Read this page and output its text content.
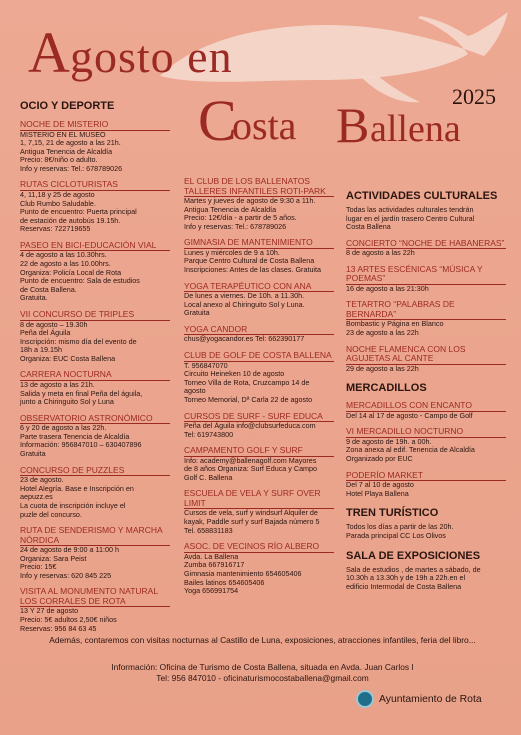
A gosto en
C
osta B allena
2025
OCIO Y DEPORTE
NOCHE DE MISTERIO
MISTERIO EN EL MUSEO
1, 7,15, 21 de agosto a las 21h.
Antigua Tenencia de Alcaldía
Precio: 8€/niño o adulto.
Info y reservas: Tel.: 678789026
RUTAS CICLOTURISTAS
4, 11,18 y 25 de agosto
Club Rumbo Saludable.
Punto de encuentro: Puerta principal
de estación de autobús 19.15h.
Reservas: 722719655
PASEO EN BICI-EDUCACIÓN VIAL
4 de agosto a las 10.30hrs.
22 de agosto a las 10.00hrs.
Organiza: Policía Local de Rota
Punto de encuentro: Sala de estudios
de Costa Ballena.
Gratuita.
VII CONCURSO DE TRIPLES
8 de agosto – 19.30h
Peña del Águila
Inscripción: mismo día del evento de
18h a 19.15h
Organiza: EUC Costa Ballena
CARRERA NOCTURNA
13 de agosto a las 21h.
Salida y meta en final Peña del águila,
junto a Chiringuito Sol y Luna
OBSERVATORIO ASTRONÓMICO
6 y 20 de agosto a las 22h.
Parte trasera Tenencia de Alcaldía
Información: 956847010 – 630407896
Gratuita
CONCURSO DE PUZZLES
23 de agosto.
Hotel Alegría. Base e Inscripción en
aepuzz.es
La cuota de inscripción incluye el
puzle del concurso.
RUTA DE SENDERISMO Y MARCHA NÓRDICA
24 de agosto de 9:00 a 11:00 h
Organiza: Sara Peist
Precio: 15€
Info y reservas: 620 845 225
VISITA AL MONUMENTO NATURAL LOS CORRALES DE ROTA
13 Y 27 de agosto
Precio: 5€ adultos 2,50€ niños
Reservas: 956 84 63 45
EL CLUB DE LOS BALLENATOS TALLERES INFANTILES ROTI-PARK
Martes y jueves de agosto de 9:30 a 11h.
Antigua Tenencia de Alcaldía
Precio: 12€/día - a partir de 5 años.
Info y reservas: Tel.: 678789026
GIMNASIA DE MANTENIMIENTO
Lunes y miércoles de 9 a 10h.
Parque Centro Cultural de Costa Ballena
Inscripciones: Antes de las clases. Gratuita
YOGA TERAPÉUTICO CON ANA
De lunes a viernes. De 10h. a 11.30h.
Local anexo al Chiringuito Sol y Luna.
Gratuita
YOGA CANDOR
chus@yogacandor.es Tel: 662390177
CLUB DE GOLF DE COSTA BALLENA
T. 956847070
Circuito Heineken 10 de agosto
Torneo Villa de Rota, Cruzcampo 14 de
agosto
Torneo Memorial, Dª Carla 22 de agosto
CURSOS DE SURF - SURF EDUCA
Peña del Águila info@clubsurfeduca.com
Tel: 619743800
CAMPAMENTO GOLF Y SURF
Info: academy@ballenagolf.com Mayores
de 8 años Organiza: Surf Educa y Campo
Golf C. Ballena
ESCUELA DE VELA Y SURF OVER LIMIT
Cursos de vela, surf y windsurf Alquiler de
kayak, Paddle surf y surf Bajada número 5
Tel. 658831183
ASOC. DE VECINOS RÍO ALBERO
Avda. La Ballena
Zumba 667916717
Gimnasia mantenimiento 654605406
Bailes latinos 654605406
Yoga 656991754
ACTIVIDADES CULTURALES
Todas las actividades culturales tendrán
lugar en el jardín trasero Centro Cultural
Costa Ballena
CONCIERTO “NOCHE DE HABANERAS”
8 de agosto a las 22h
13 ARTES ESCÉNICAS “MÚSICA Y POEMAS”
16 de agosto a las 21:30h
TETARTRO “PALABRAS DE BERNARDA”
Bombastic y Página en Blanco
23 de agosto a las 22h
NOCHE FLAMENCA CON LOS AGUJETAS AL CANTE
29 de agosto a las 22h
MERCADILLOS
MERCADILLOS CON ENCANTO
Del 14 al 17 de agosto - Campo de Golf
VI MERCADILLO NOCTURNO
9 de agosto de 19h. a 00h.
Zona anexa al edif. Tenencia de Alcaldía
Organizado por EUC
PODERÍO MARKET
Del 7 al 10 de agosto
Hotel Playa Ballena
TREN TURÍSTICO
Todos los días a partir de las 20h.
Parada principal CC Los Olivos
SALA DE EXPOSICIONES
Sala de estudios , de martes a sábado, de
10.30h a 13.30h y de 19h a 22h.en el
edificio Intermodal de Costa Ballena
Además, contaremos con visitas nocturnas al Castillo de Luna, exposiciones, atracciones infantiles, feria del libro...
Información: Oficina de Turismo de Costa Ballena, situada en Avda. Juan Carlos I
Tel: 956 847010 - oficinaturismocostaballena@gmail.com
Ayuntamiento de Rota
